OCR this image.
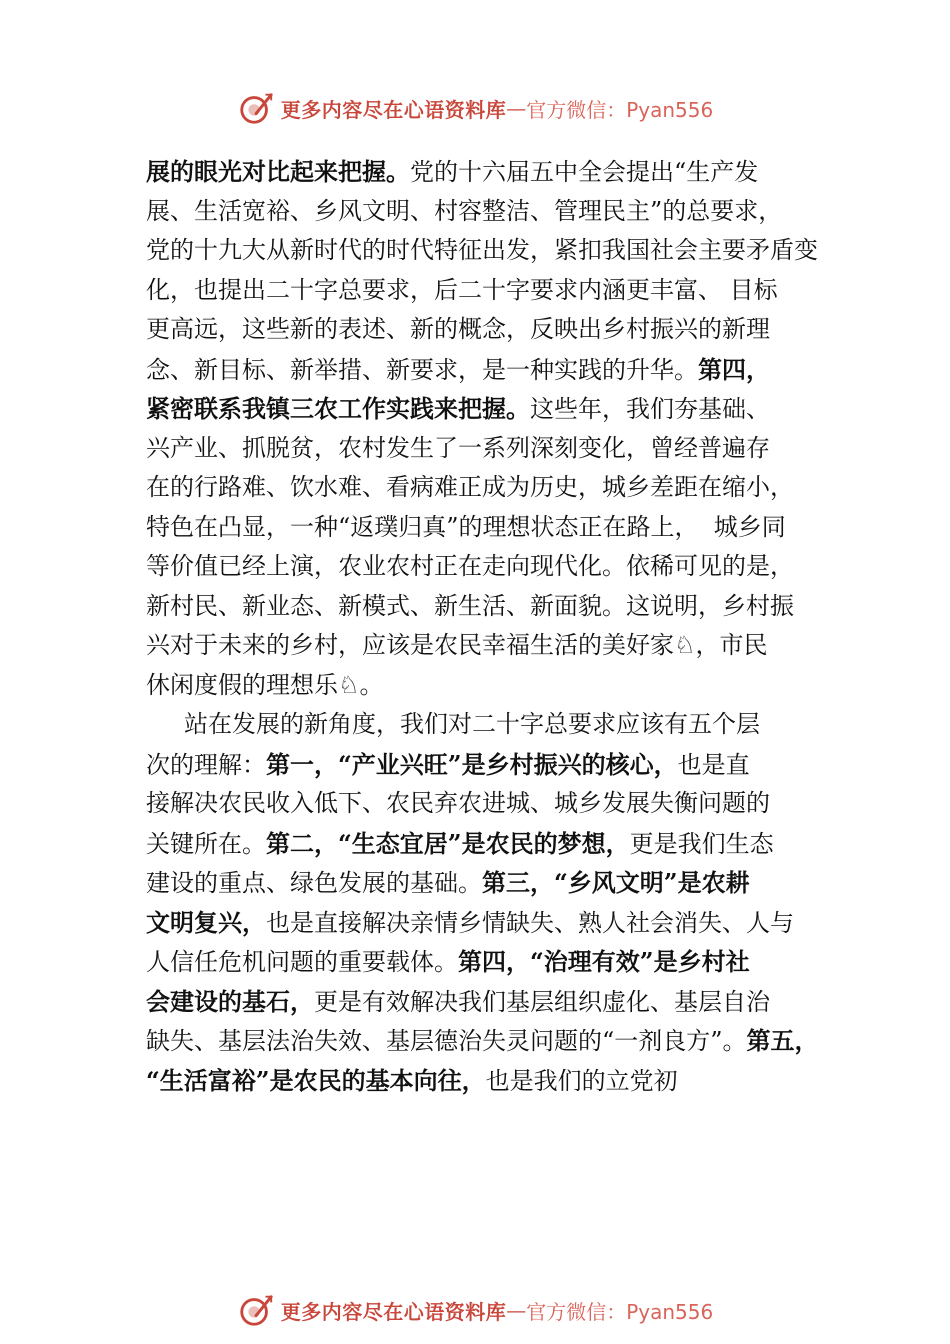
更多内容尽在心语资料库 — 官方微信：Pyan556
展的眼光对比起来把握。党的十六届五中全会提出“生产发
展、生活宽裕、乡风文明、村容整洁、管理民主”的总要求，
党的十九大从新时代的时代特征出发，紧扣我国社会主要矛盾变
化，也提出二十字总要求，后二十字要求内涵更丰富、 目标
更高远，这些新的表述、新的概念，反映出乡村振兴的新理
念、新目标、新举措、新要求，是一种实践的升华。第四，
紧密联系我镇三农工作实践来把握。这些年，我们夯基础、
兴产业、抓脱贫，农村发生了一系列深刻变化，曾经普遍存
在的行路难、饮水难、看病难正成为历史，城乡差距在缩小，
特色在凸显，一种“返璞归真”的理想状态正在路上，  城乡同
等价值已经上演，农业农村正在走向现代化。依稀可见的是，
新村民、新业态、新模式、新生活、新面貌。这说明，乡村振
兴对于未来的乡村，应该是农民幸福生活的美好家♘，市民
休闲度假的理想乐♘。
站在发展的新角度，我们对二十字总要求应该有五个层
次的理解：第一，“产业兴旺”是乡村振兴的核心，也是直
接解决农民收入低下、农民弃农进城、城乡发展失衡问题的
关键所在。第二，“生态宜居”是农民的梦想，更是我们生态
建设的重点、绿色发展的基础。第三，“乡风文明”是农耕
文明复兴，也是直接解决亲情乡情缺失、熟人社会消失、人与
人信任危机问题的重要载体。第四，“治理有效”是乡村社
会建设的基石，更是有效解决我们基层组织虚化、基层自治
缺失、基层法治失效、基层德治失灵问题的“一剂良方”。第五，
“生活富裕”是农民的基本向往，也是我们的立党初
更多内容尽在心语资料库 — 官方微信：Pyan556
